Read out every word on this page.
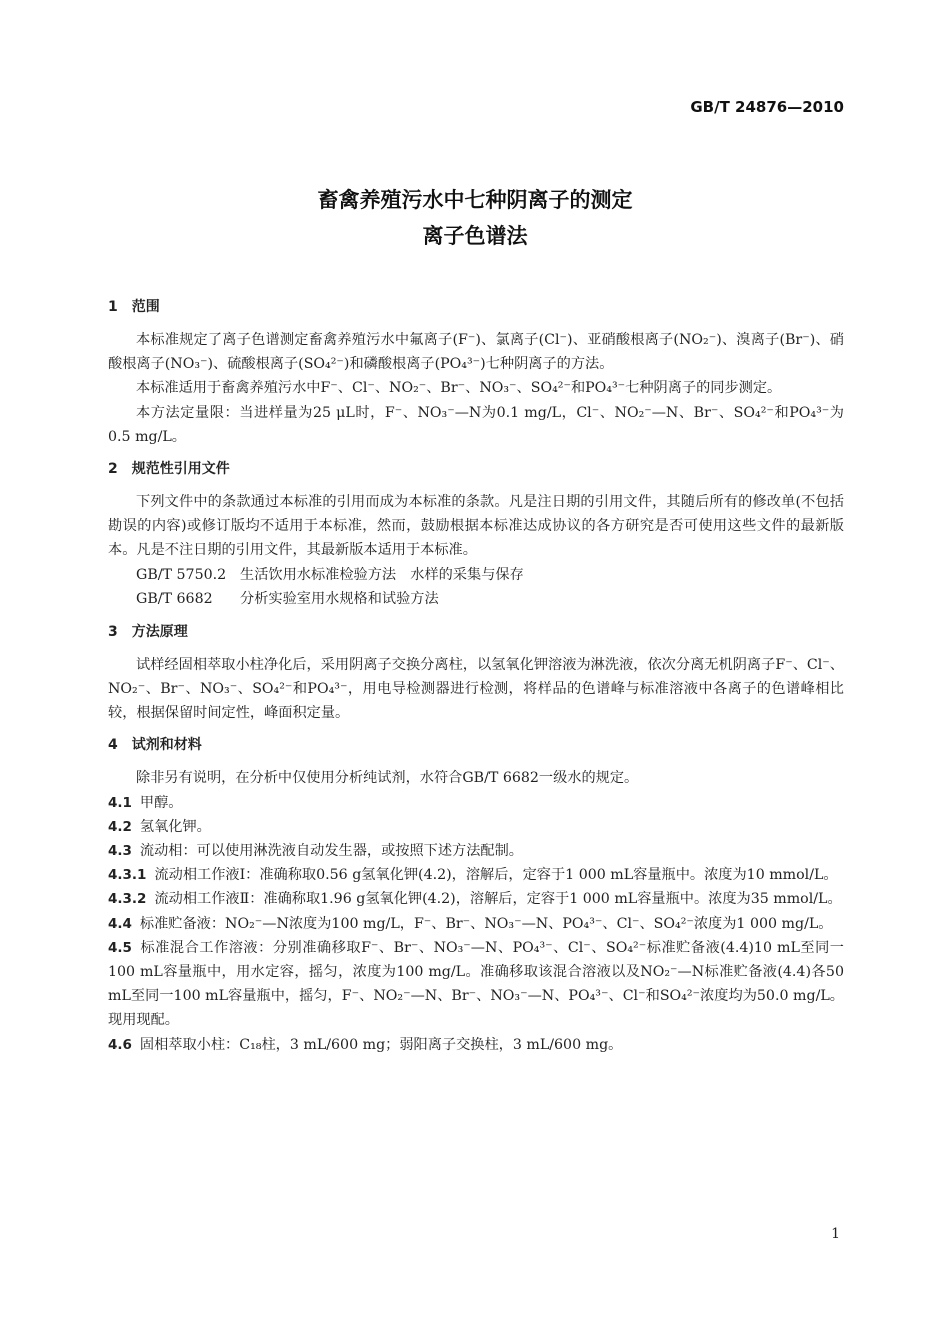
GB/T 24876—2010
畜禽养殖污水中七种阴离子的测定
离子色谱法

1　范围

本标准规定了离子色谱测定畜禽养殖污水中氟离子(F⁻)、氯离子(Cl⁻)、亚硝酸根离子(NO₂⁻)、溴离子(Br⁻)、硝酸根离子(NO₃⁻)、硫酸根离子(SO₄²⁻)和磷酸根离子(PO₄³⁻)七种阴离子的方法。

本标准适用于畜禽养殖污水中F⁻、Cl⁻、NO₂⁻、Br⁻、NO₃⁻、SO₄²⁻和PO₄³⁻七种阴离子的同步测定。

本方法定量限：当进样量为25 μL时，F⁻、NO₃⁻—N为0.1 mg/L，Cl⁻、NO₂⁻—N、Br⁻、SO₄²⁻和PO₄³⁻为0.5 mg/L。

2　规范性引用文件

下列文件中的条款通过本标准的引用而成为本标准的条款。凡是注日期的引用文件，其随后所有的修改单(不包括勘误的内容)或修订版均不适用于本标准，然而，鼓励根据本标准达成协议的各方研究是否可使用这些文件的最新版本。凡是不注日期的引用文件，其最新版本适用于本标准。

GB/T 5750.2 生活饮用水标准检验方法　水样的采集与保存

GB/T 6682 分析实验室用水规格和试验方法

3　方法原理

试样经固相萃取小柱净化后，采用阴离子交换分离柱，以氢氧化钾溶液为淋洗液，依次分离无机阴离子F⁻、Cl⁻、NO₂⁻、Br⁻、NO₃⁻、SO₄²⁻和PO₄³⁻，用电导检测器进行检测，将样品的色谱峰与标准溶液中各离子的色谱峰相比较，根据保留时间定性，峰面积定量。

4　试剂和材料

除非另有说明，在分析中仅使用分析纯试剂，水符合GB/T 6682一级水的规定。

4.1 甲醇。

4.2 氢氧化钾。

4.3 流动相：可以使用淋洗液自动发生器，或按照下述方法配制。

4.3.1 流动相工作液Ⅰ：准确称取0.56 g氢氧化钾(4.2)，溶解后，定容于1 000 mL容量瓶中。浓度为10 mmol/L。

4.3.2 流动相工作液Ⅱ：准确称取1.96 g氢氧化钾(4.2)，溶解后，定容于1 000 mL容量瓶中。浓度为35 mmol/L。

4.4 标准贮备液：NO₂⁻—N浓度为100 mg/L，F⁻、Br⁻、NO₃⁻—N、PO₄³⁻、Cl⁻、SO₄²⁻浓度为1 000 mg/L。

4.5 标准混合工作溶液：分别准确移取F⁻、Br⁻、NO₃⁻—N、PO₄³⁻、Cl⁻、SO₄²⁻标准贮备液(4.4)10 mL至同一100 mL容量瓶中，用水定容，摇匀，浓度为100 mg/L。准确移取该混合溶液以及NO₂⁻—N标准贮备液(4.4)各50 mL至同一100 mL容量瓶中，摇匀，F⁻、NO₂⁻—N、Br⁻、NO₃⁻—N、PO₄³⁻、Cl⁻和SO₄²⁻浓度均为50.0 mg/L。现用现配。

4.6 固相萃取小柱：C₁₈柱，3 mL/600 mg；弱阳离子交换柱，3 mL/600 mg。

1
